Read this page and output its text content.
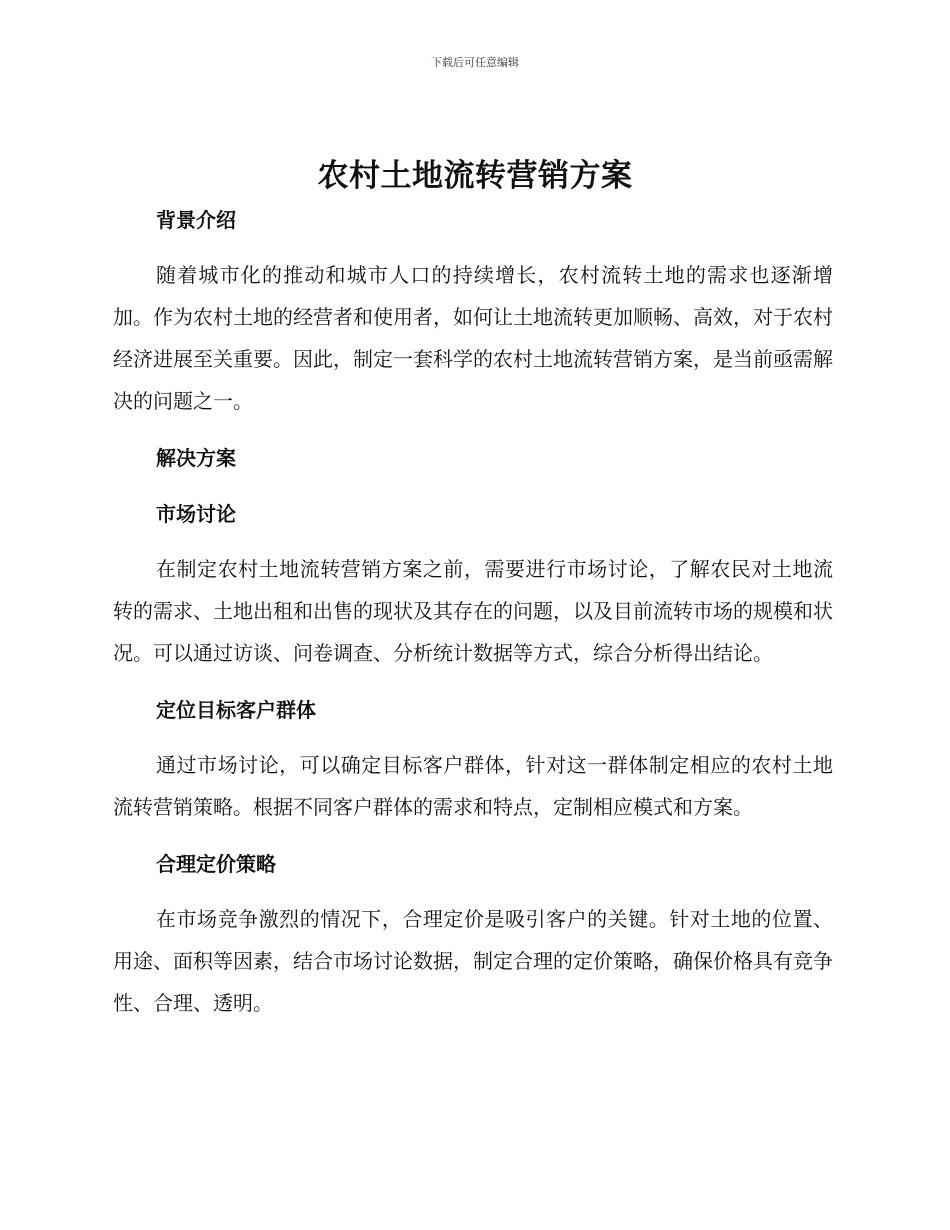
下载后可任意编辑
农村土地流转营销方案

背景介绍

随着城市化的推动和城市人口的持续增长，农村流转土地的需求也逐渐增加。作为农村土地的经营者和使用者，如何让土地流转更加顺畅、高效，对于农村经济进展至关重要。因此，制定一套科学的农村土地流转营销方案，是当前亟需解决的问题之一。

解决方案

市场讨论

在制定农村土地流转营销方案之前，需要进行市场讨论，了解农民对土地流转的需求、土地出租和出售的现状及其存在的问题，以及目前流转市场的规模和状况。可以通过访谈、问卷调查、分析统计数据等方式，综合分析得出结论。

定位目标客户群体

通过市场讨论，可以确定目标客户群体，针对这一群体制定相应的农村土地流转营销策略。根据不同客户群体的需求和特点，定制相应模式和方案。

合理定价策略

在市场竞争激烈的情况下，合理定价是吸引客户的关键。针对土地的位置、用途、面积等因素，结合市场讨论数据，制定合理的定价策略，确保价格具有竞争性、合理、透明。
